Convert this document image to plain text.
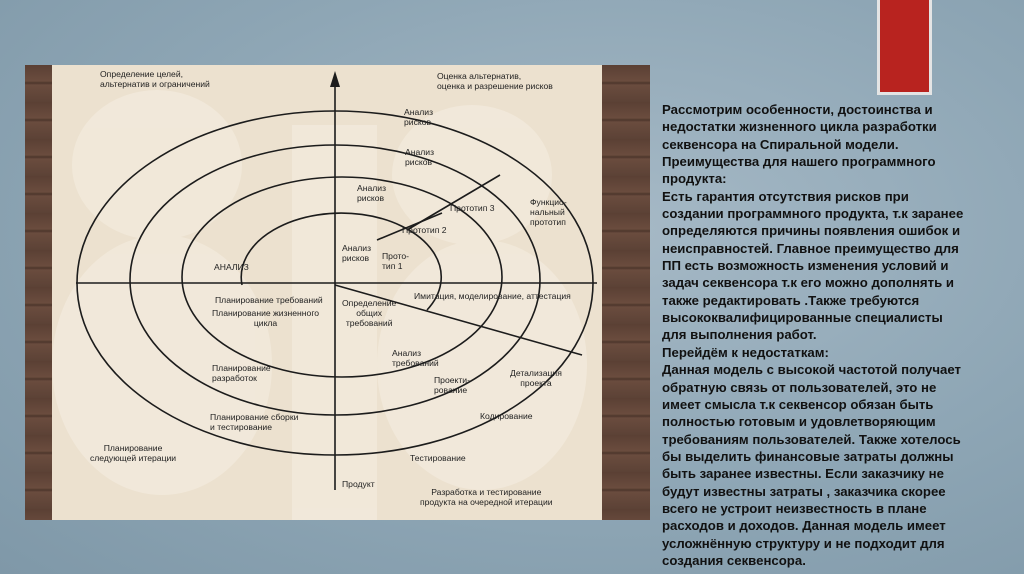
Определение целей,
альтернатив и ограничений
Оценка альтернатив,
оценка и разрешение рисков
Планирование
следующей итерации
Разработка и тестирование
продукта на очередной итерации
Анализ
рисков
Анализ
рисков
Анализ
рисков
Анализ
рисков Прото-
тип 1
Прототип 2
Прототип 3
Функцио-
нальный
прототип
АНАЛИЗ
Имитация, моделирование, аттестация
Планирование требований
Планирование жизненного
цикла
Определение
общих
требований
Анализ
требований
Планирование
разработок	Проекти-
рование
Детализация
проекта
Планирование сборки
и тестирование
Кодирование
Тестирование
Продукт
Рассмотрим особенности, достоинства и
недостатки жизненного цикла разработки
секвенсора на Спиральной модели.
Преимущества для нашего программного
продукта:
Есть гарантия отсутствия рисков при
создании программного продукта, т.к заранее
определяются причины появления ошибок и
неисправностей. Главное преимущество для
ПП есть возможность изменения условий и
задач секвенсора т.к его можно дополнять и
также редактировать .Также требуются
высококвалифицированные специалисты
для выполнения работ.
Перейдём к недостаткам:
Данная модель с высокой частотой получает
обратную связь от пользователей, это не
имеет смысла т.к секвенсор обязан быть
полностью готовым и удовлетворяющим
требованиям пользователей. Также хотелось
бы выделить финансовые затраты должны
быть заранее известны. Если заказчику не
будут известны затраты , заказчика скорее
всего не устроит неизвестность в плане
расходов и доходов. Данная модель имеет
усложнённую структуру и не подходит для
создания секвенсора.
